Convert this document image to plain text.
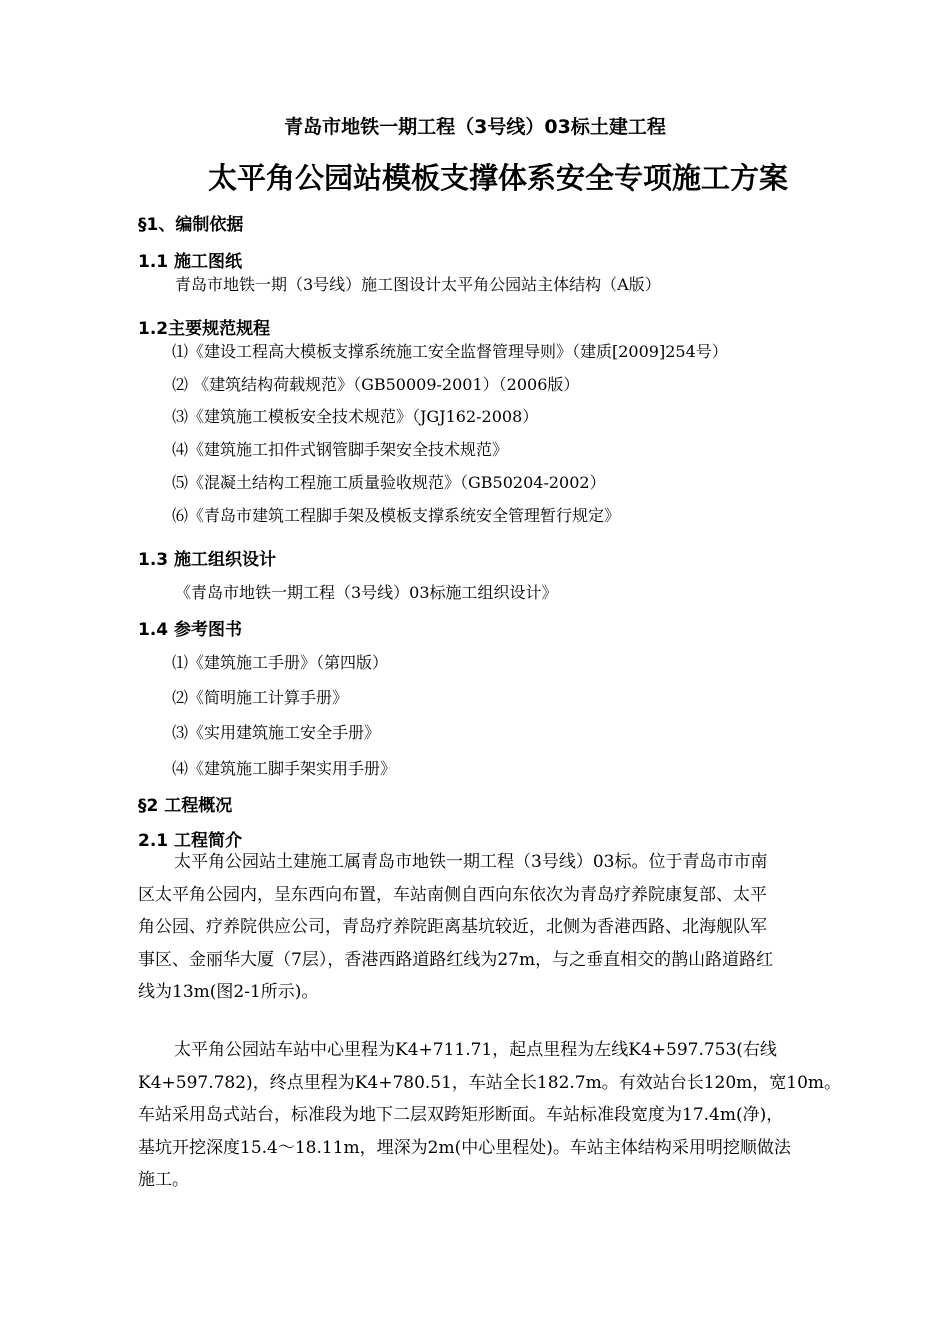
青岛市地铁一期工程（3号线）03标土建工程
太平角公园站模板支撑体系安全专项施工方案
§1、编制依据
1.1 施工图纸
青岛市地铁一期（3号线）施工图设计太平角公园站主体结构（A版）
1.2主要规范规程
⑴《建设工程高大模板支撑系统施工安全监督管理导则》（建质[2009]254号）
⑵ 《建筑结构荷载规范》（GB50009-2001）（2006版）
⑶《建筑施工模板安全技术规范》（JGJ162-2008）
⑷《建筑施工扣件式钢管脚手架安全技术规范》
⑸《混凝土结构工程施工质量验收规范》（GB50204-2002）
⑹《青岛市建筑工程脚手架及模板支撑系统安全管理暂行规定》
1.3 施工组织设计
《青岛市地铁一期工程（3号线）03标施工组织设计》
1.4 参考图书
⑴《建筑施工手册》（第四版）
⑵《简明施工计算手册》
⑶《实用建筑施工安全手册》
⑷《建筑施工脚手架实用手册》
§2 工程概况
2.1 工程简介
太平角公园站土建施工属青岛市地铁一期工程（3号线）03标。位于青岛市市南
区太平角公园内，呈东西向布置，车站南侧自西向东依次为青岛疗养院康复部、太平
角公园、疗养院供应公司，青岛疗养院距离基坑较近，北侧为香港西路、北海舰队军
事区、金丽华大厦（7层），香港西路道路红线为27m，与之垂直相交的鹊山路道路红
线为13m(图2-1所示)。
太平角公园站车站中心里程为K4+711.71，起点里程为左线K4+597.753(右线
K4+597.782)，终点里程为K4+780.51，车站全长182.7m。有效站台长120m，宽10m。
车站采用岛式站台，标准段为地下二层双跨矩形断面。车站标准段宽度为17.4m(净)，
基坑开挖深度15.4～18.11m，埋深为2m(中心里程处)。车站主体结构采用明挖顺做法
施工。
